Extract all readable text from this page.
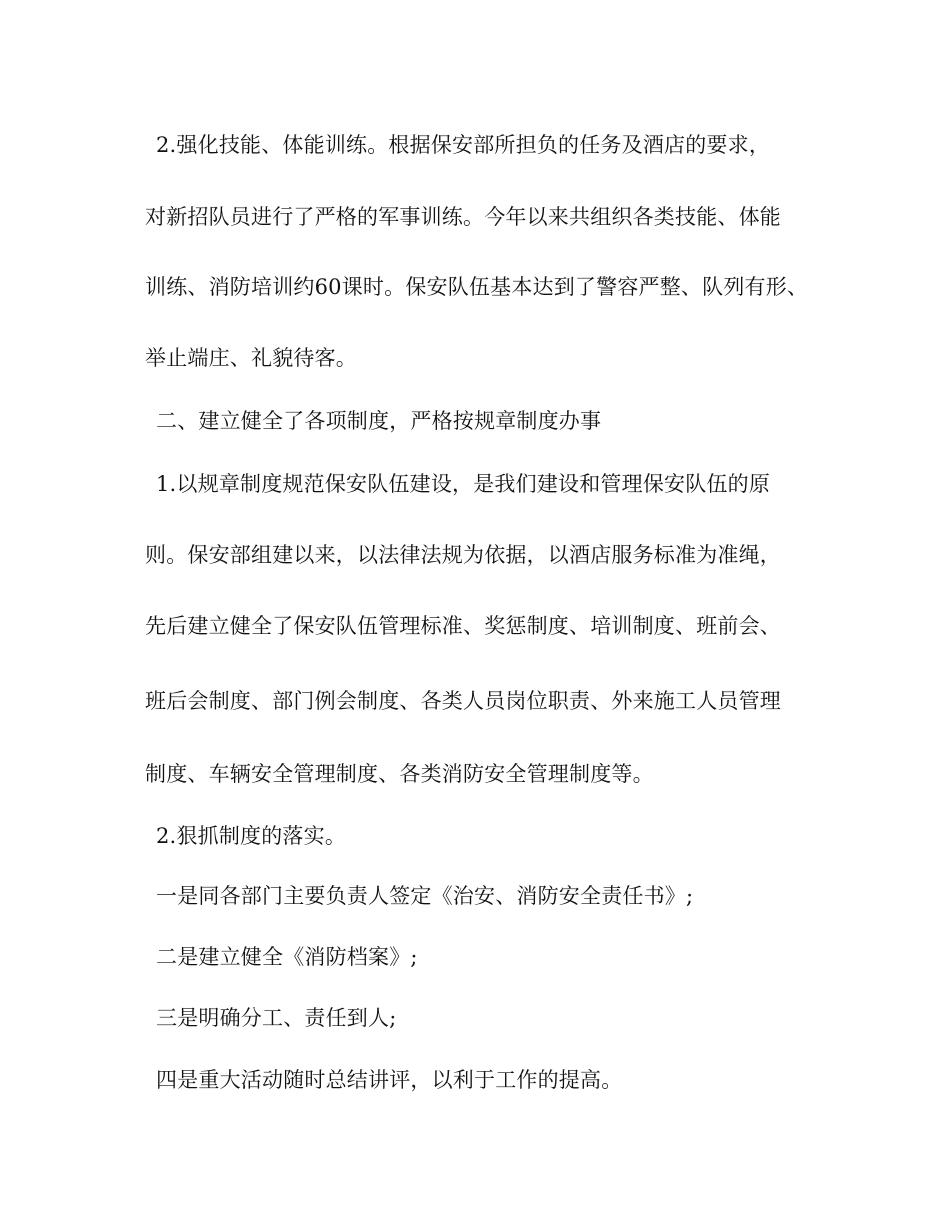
2.强化技能、体能训练。根据保安部所担负的任务及酒店的要求，
对新招队员进行了严格的军事训练。今年以来共组织各类技能、体能
训练、消防培训约60课时。保安队伍基本达到了警容严整、队列有形、
举止端庄、礼貌待客。
二、建立健全了各项制度，严格按规章制度办事
1.以规章制度规范保安队伍建设，是我们建设和管理保安队伍的原
则。保安部组建以来，以法律法规为依据，以酒店服务标准为准绳，
先后建立健全了保安队伍管理标准、奖惩制度、培训制度、班前会、
班后会制度、部门例会制度、各类人员岗位职责、外来施工人员管理
制度、车辆安全管理制度、各类消防安全管理制度等。
2.狠抓制度的落实。
一是同各部门主要负责人签定《治安、消防安全责任书》;
二是建立健全《消防档案》;
三是明确分工、责任到人;
四是重大活动随时总结讲评，以利于工作的提高。
